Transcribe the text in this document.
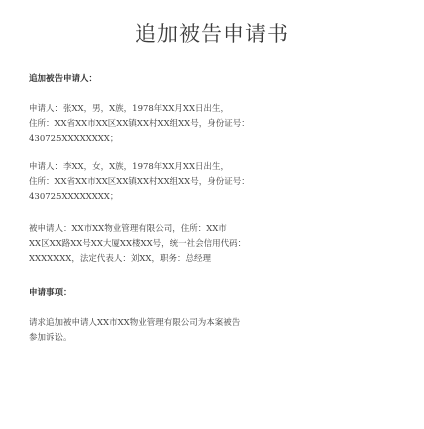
追加被告申请书

追加被告申请人：

申请人：张XX，男，X族，1978年XX月XX日出生，

住所：XX省XX市XX区XX镇XX村XX组XX号，身份证号：

430725XXXXXXXX；

申请人：李XX，女，X族，1978年XX月XX日出生，

住所：XX省XX市XX区XX镇XX村XX组XX号，身份证号：

430725XXXXXXXX；

被申请人：XX市XX物业管理有限公司，住所：XX市

XX区XX路XX号XX大厦XX楼XX号，统一社会信用代码：

XXXXXXX，法定代表人：刘XX，职务：总经理

申请事项：

请求追加被申请人XX市XX物业管理有限公司为本案被告

参加诉讼。
